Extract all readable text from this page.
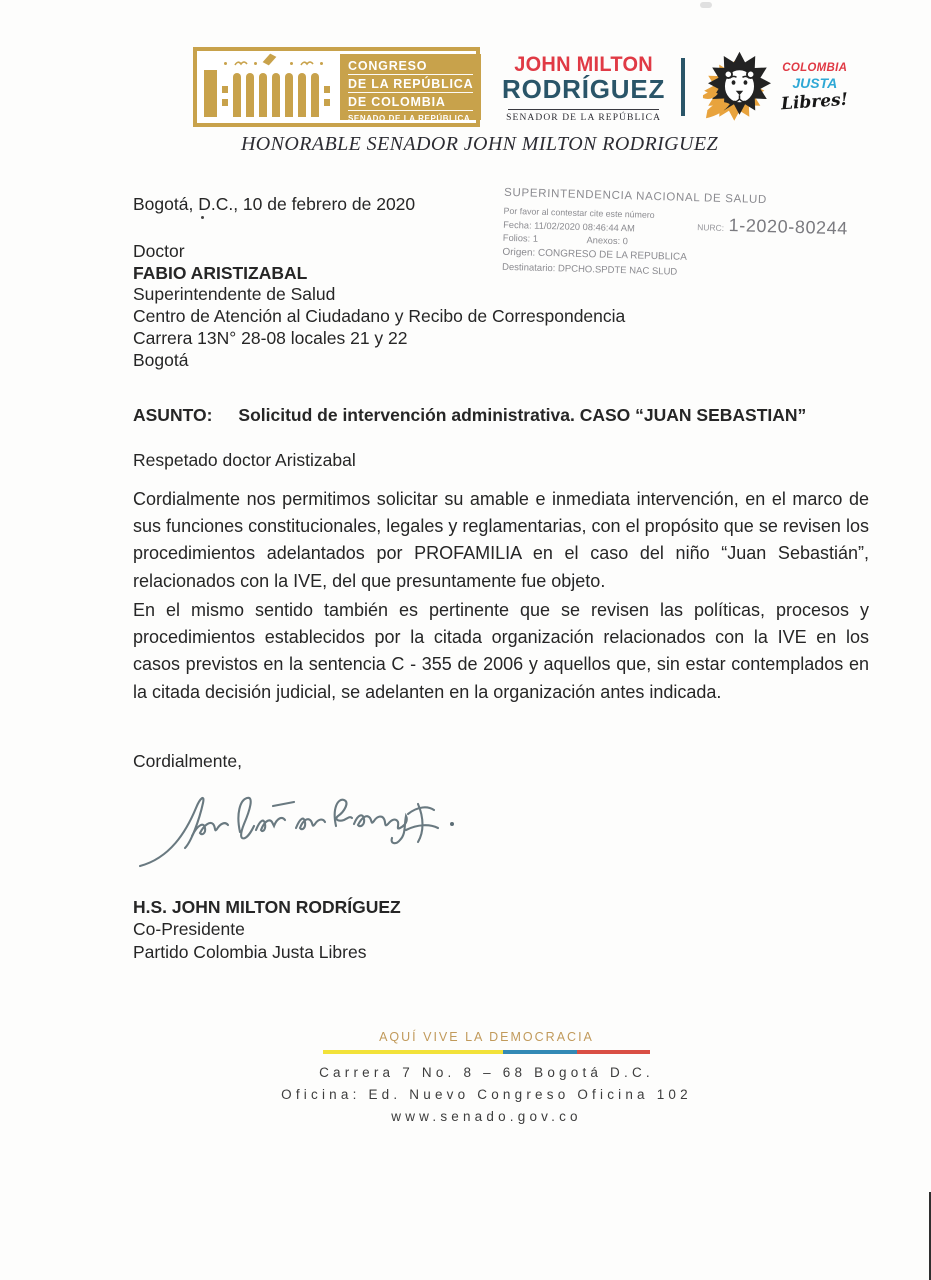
CONGRESO
DE LA REPÚBLICA
DE COLOMBIA
SENADO DE LA REPÚBLICA
JOHN MILTON
RODRÍGUEZ
SENADOR DE LA REPÚBLICA
COLOMBIA
JUSTA
Libres!
HONORABLE SENADOR JOHN MILTON RODRIGUEZ
SUPERINTENDENCIA NACIONAL DE SALUD
Por favor al contestar cite este número
Fecha: 11/02/2020 08:46:44 AM
Folios: 1	Anexos: 0
Origen: CONGRESO DE LA REPUBLICA
Destinatario: DPCHO.SPDTE NAC SLUD
NURC: 1-2020-80244
Bogotá, D.C., 10 de febrero de 2020
Doctor
FABIO ARISTIZABAL
Superintendente de Salud
Centro de Atención al Ciudadano y Recibo de Correspondencia
Carrera 13N° 28-08 locales 21 y 22
Bogotá
ASUNTO: Solicitud de intervención administrativa. CASO “JUAN SEBASTIAN”
Respetado doctor Aristizabal
Cordialmente nos permitimos solicitar su amable e inmediata intervención, en el marco de sus funciones constitucionales, legales y reglamentarias, con el propósito que se revisen los procedimientos adelantados por PROFAMILIA en el caso del niño “Juan Sebastián”, relacionados con la IVE, del que presuntamente fue objeto.
En el mismo sentido también es pertinente que se revisen las políticas, procesos y procedimientos establecidos por la citada organización relacionados con la IVE en los casos previstos en la sentencia C - 355 de 2006 y aquellos que, sin estar contemplados en la citada decisión judicial, se adelanten en la organización antes indicada.
Cordialmente,
H.S. JOHN MILTON RODRÍGUEZ
Co-Presidente
Partido Colombia Justa Libres
AQUÍ VIVE LA DEMOCRACIA
Carrera 7 No. 8 – 68 Bogotá D.C.
Oficina: Ed. Nuevo Congreso Oficina 102
www.senado.gov.co
